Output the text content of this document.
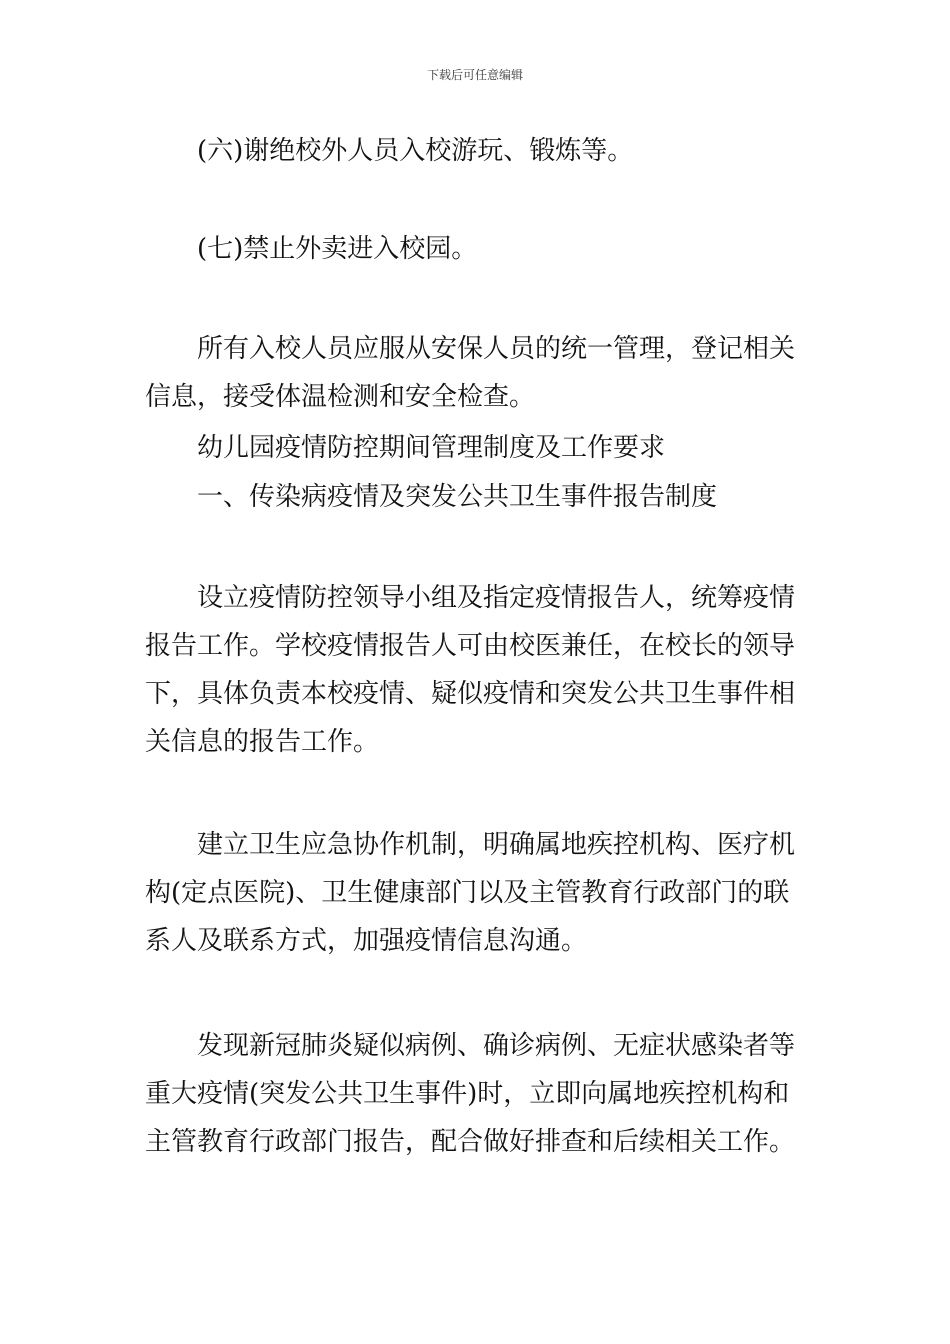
下载后可任意编辑

(六)谢绝校外人员入校游玩、锻炼等。

(七)禁止外卖进入校园。

所有入校人员应服从安保人员的统一管理，登记相关
信息，接受体温检测和安全检查。

幼儿园疫情防控期间管理制度及工作要求

一、传染病疫情及突发公共卫生事件报告制度

设立疫情防控领导小组及指定疫情报告人，统筹疫情
报告工作。学校疫情报告人可由校医兼任，在校长的领导
下，具体负责本校疫情、疑似疫情和突发公共卫生事件相
关信息的报告工作。

建立卫生应急协作机制，明确属地疾控机构、医疗机
构(定点医院)、卫生健康部门以及主管教育行政部门的联
系人及联系方式，加强疫情信息沟通。

发现新冠肺炎疑似病例、确诊病例、无症状感染者等
重大疫情(突发公共卫生事件)时，立即向属地疾控机构和
主管教育行政部门报告，配合做好排查和后续相关工作。
